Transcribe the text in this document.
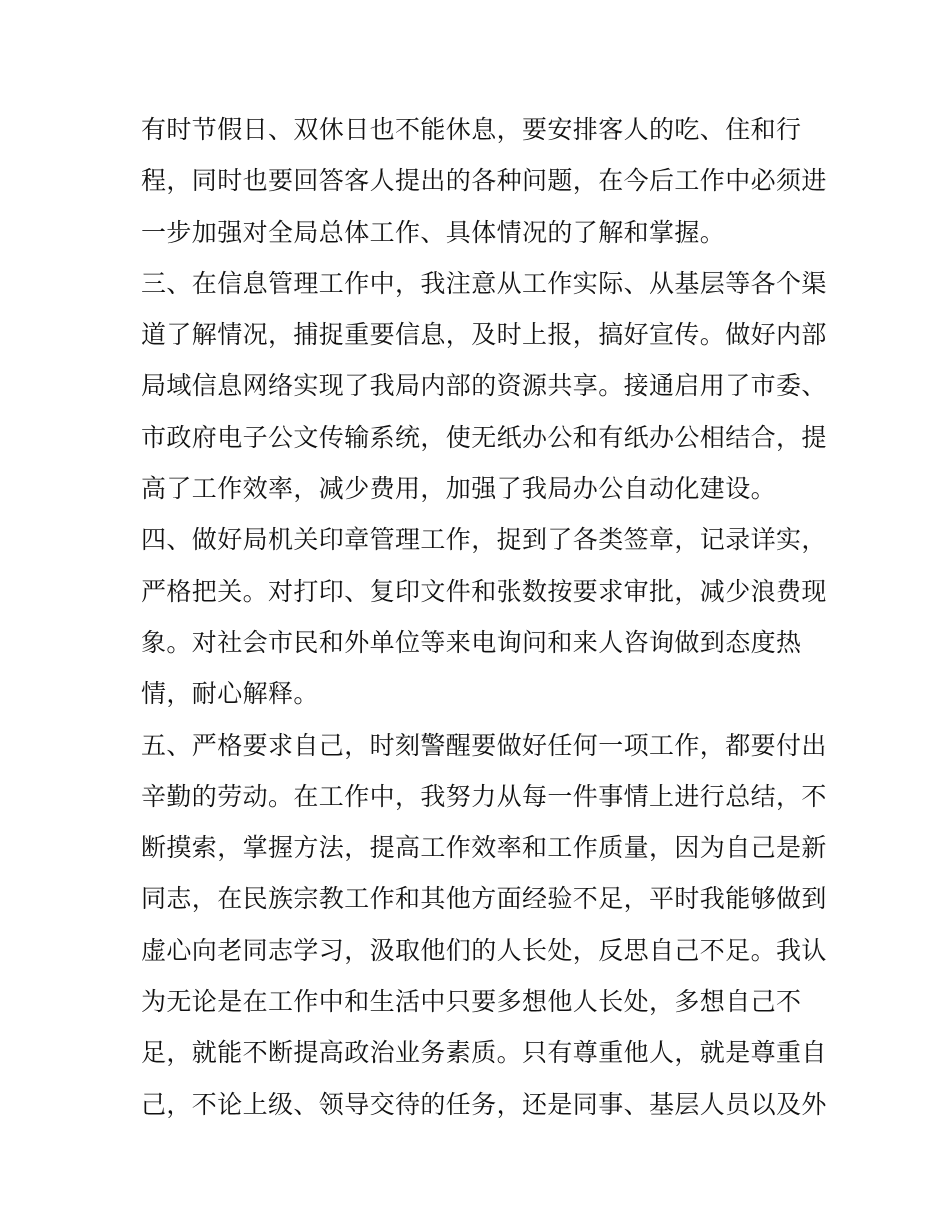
有时节假日、双休日也不能休息，要安排客人的吃、住和行
程，同时也要回答客人提出的各种问题，在今后工作中必须进
一步加强对全局总体工作、具体情况的了解和掌握。
三、在信息管理工作中，我注意从工作实际、从基层等各个渠
道了解情况，捕捉重要信息，及时上报，搞好宣传。做好内部
局域信息网络实现了我局内部的资源共享。接通启用了市委、
市政府电子公文传输系统，使无纸办公和有纸办公相结合，提
高了工作效率，减少费用，加强了我局办公自动化建设。
四、做好局机关印章管理工作，捉到了各类签章，记录详实，
严格把关。对打印、复印文件和张数按要求审批，减少浪费现
象。对社会市民和外单位等来电询问和来人咨询做到态度热
情，耐心解释。
五、严格要求自己，时刻警醒要做好任何一项工作，都要付出
辛勤的劳动。在工作中，我努力从每一件事情上进行总结，不
断摸索，掌握方法，提高工作效率和工作质量，因为自己是新
同志，在民族宗教工作和其他方面经验不足，平时我能够做到
虚心向老同志学习，汲取他们的人长处，反思自己不足。我认
为无论是在工作中和生活中只要多想他人长处，多想自己不
足，就能不断提高政治业务素质。只有尊重他人，就是尊重自
己，不论上级、领导交待的任务，还是同事、基层人员以及外
